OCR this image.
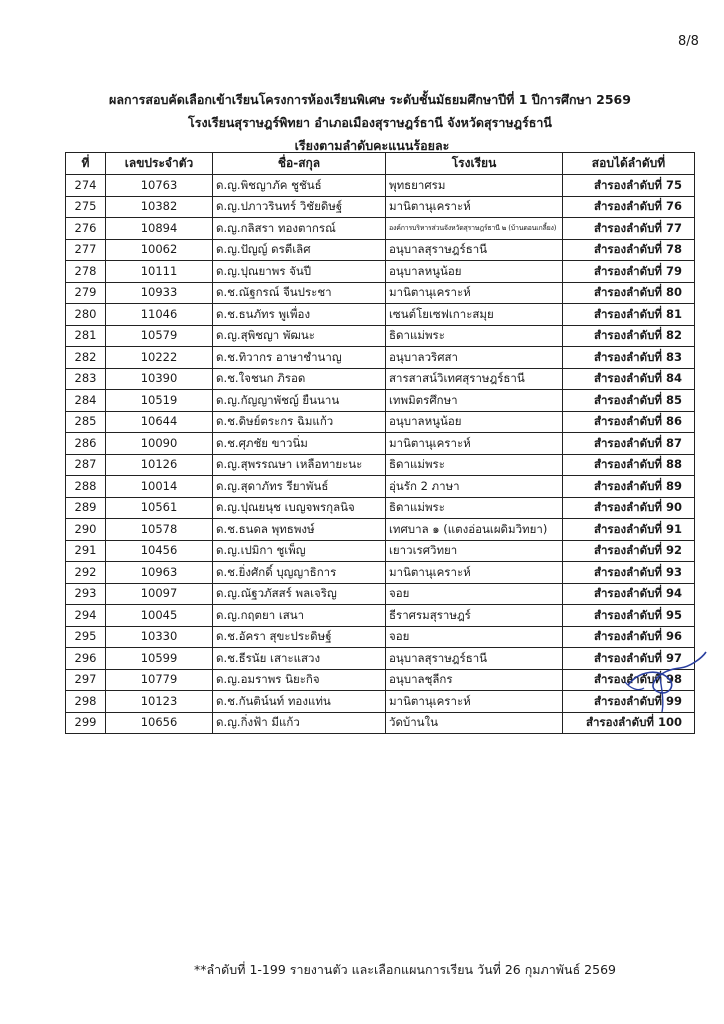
8/8
ผลการสอบคัดเลือกเข้าเรียนโครงการห้องเรียนพิเศษ ระดับชั้นมัธยมศึกษาปีที่ 1 ปีการศึกษา 2569
โรงเรียนสุราษฎร์พิทยา อำเภอเมืองสุราษฎร์ธานี จังหวัดสุราษฎร์ธานี
เรียงตามลำดับคะแนนร้อยละ
ที่	เลขประจำตัว	ชื่อ-สกุล	โรงเรียน	สอบได้ลำดับที่
274	10763	ด.ญ.พิชญาภัค ชูชันธ์	พุทธยาศรม	สำรองลำดับที่ 75
275	10382	ด.ญ.ปภาวรินทร์ วิชัยดิษฐ์	มานิตานุเคราะห์	สำรองลำดับที่ 76
276	10894	ด.ญ.กลิสรา ทองตากรณ์	องค์การบริหารส่วนจังหวัดสุราษฎร์ธานี ๒ (บ้านดอนเกลี้ยง)	สำรองลำดับที่ 77
277	10062	ด.ญ.ปัญญ์ ดรตีเลิศ	อนุบาลสุราษฎร์ธานี	สำรองลำดับที่ 78
278	10111	ด.ญ.ปุณยาพร จันปี	อนุบาลหนูน้อย	สำรองลำดับที่ 79
279	10933	ด.ช.ณัฐกรณ์ จีนประชา	มานิตานุเคราะห์	สำรองลำดับที่ 80
280	11046	ด.ช.ธนภัทร พูเพื่อง	เซนต์โยเซฟเกาะสมุย	สำรองลำดับที่ 81
281	10579	ด.ญ.สุพิชญา พัฒนะ	ธิดาแม่พระ	สำรองลำดับที่ 82
282	10222	ด.ช.ทิวากร อาษาชำนาญ	อนุบาลวริศสา	สำรองลำดับที่ 83
283	10390	ด.ช.ใจชนก ภิรอด	สารสาสน์วิเทศสุราษฎร์ธานี	สำรองลำดับที่ 84
284	10519	ด.ญ.กัญญาพัชญ์ ยืนนาน	เทพมิตรศึกษา	สำรองลำดับที่ 85
285	10644	ด.ช.ดิษย์ตระกร ฉิมแก้ว	อนุบาลหนูน้อย	สำรองลำดับที่ 86
286	10090	ด.ช.ศุภชัย ขาวนิ่ม	มานิตานุเคราะห์	สำรองลำดับที่ 87
287	10126	ด.ญ.สุพรรณษา เหลือทายะนะ	ธิดาแม่พระ	สำรองลำดับที่ 88
288	10014	ด.ญ.สุดาภัทร รียาพันธ์	อุ่นรัก 2 ภาษา	สำรองลำดับที่ 89
289	10561	ด.ญ.ปุณยนุช เบญจพรกุลนิจ	ธิดาแม่พระ	สำรองลำดับที่ 90
290	10578	ด.ช.ธนดล พุทธพงษ์	เทศบาล ๑ (แตงอ่อนเผดิมวิทยา)	สำรองลำดับที่ 91
291	10456	ด.ญ.เปมิกา ชูเพ็ญ	เยาวเรศวิทยา	สำรองลำดับที่ 92
292	10963	ด.ช.ยิ่งศักดิ์ บุญญาธิการ	มานิตานุเคราะห์	สำรองลำดับที่ 93
293	10097	ด.ญ.ณัฐวภัสสร์ พลเจริญ	จอย	สำรองลำดับที่ 94
294	10045	ด.ญ.กฤตยา เสนา	ธีราศรมสุราษฎร์	สำรองลำดับที่ 95
295	10330	ด.ช.อัครา สุขะประดิษฐ์	จอย	สำรองลำดับที่ 96
296	10599	ด.ช.ธีรนัย เสาะแสวง	อนุบาลสุราษฎร์ธานี	สำรองลำดับที่ 97
297	10779	ด.ญ.อมราพร นิยะกิจ	อนุบาลชุลีกร	สำรองลำดับที่ 98
298	10123	ด.ช.กันติน์นท์ ทองแท่น	มานิตานุเคราะห์	สำรองลำดับที่ 99
299	10656	ด.ญ.กิ่งฟ้า มีแก้ว	วัดบ้านใน	สำรองลำดับที่ 100
**ลำดับที่ 1-199 รายงานตัว และเลือกแผนการเรียน วันที่ 26 กุมภาพันธ์ 2569
